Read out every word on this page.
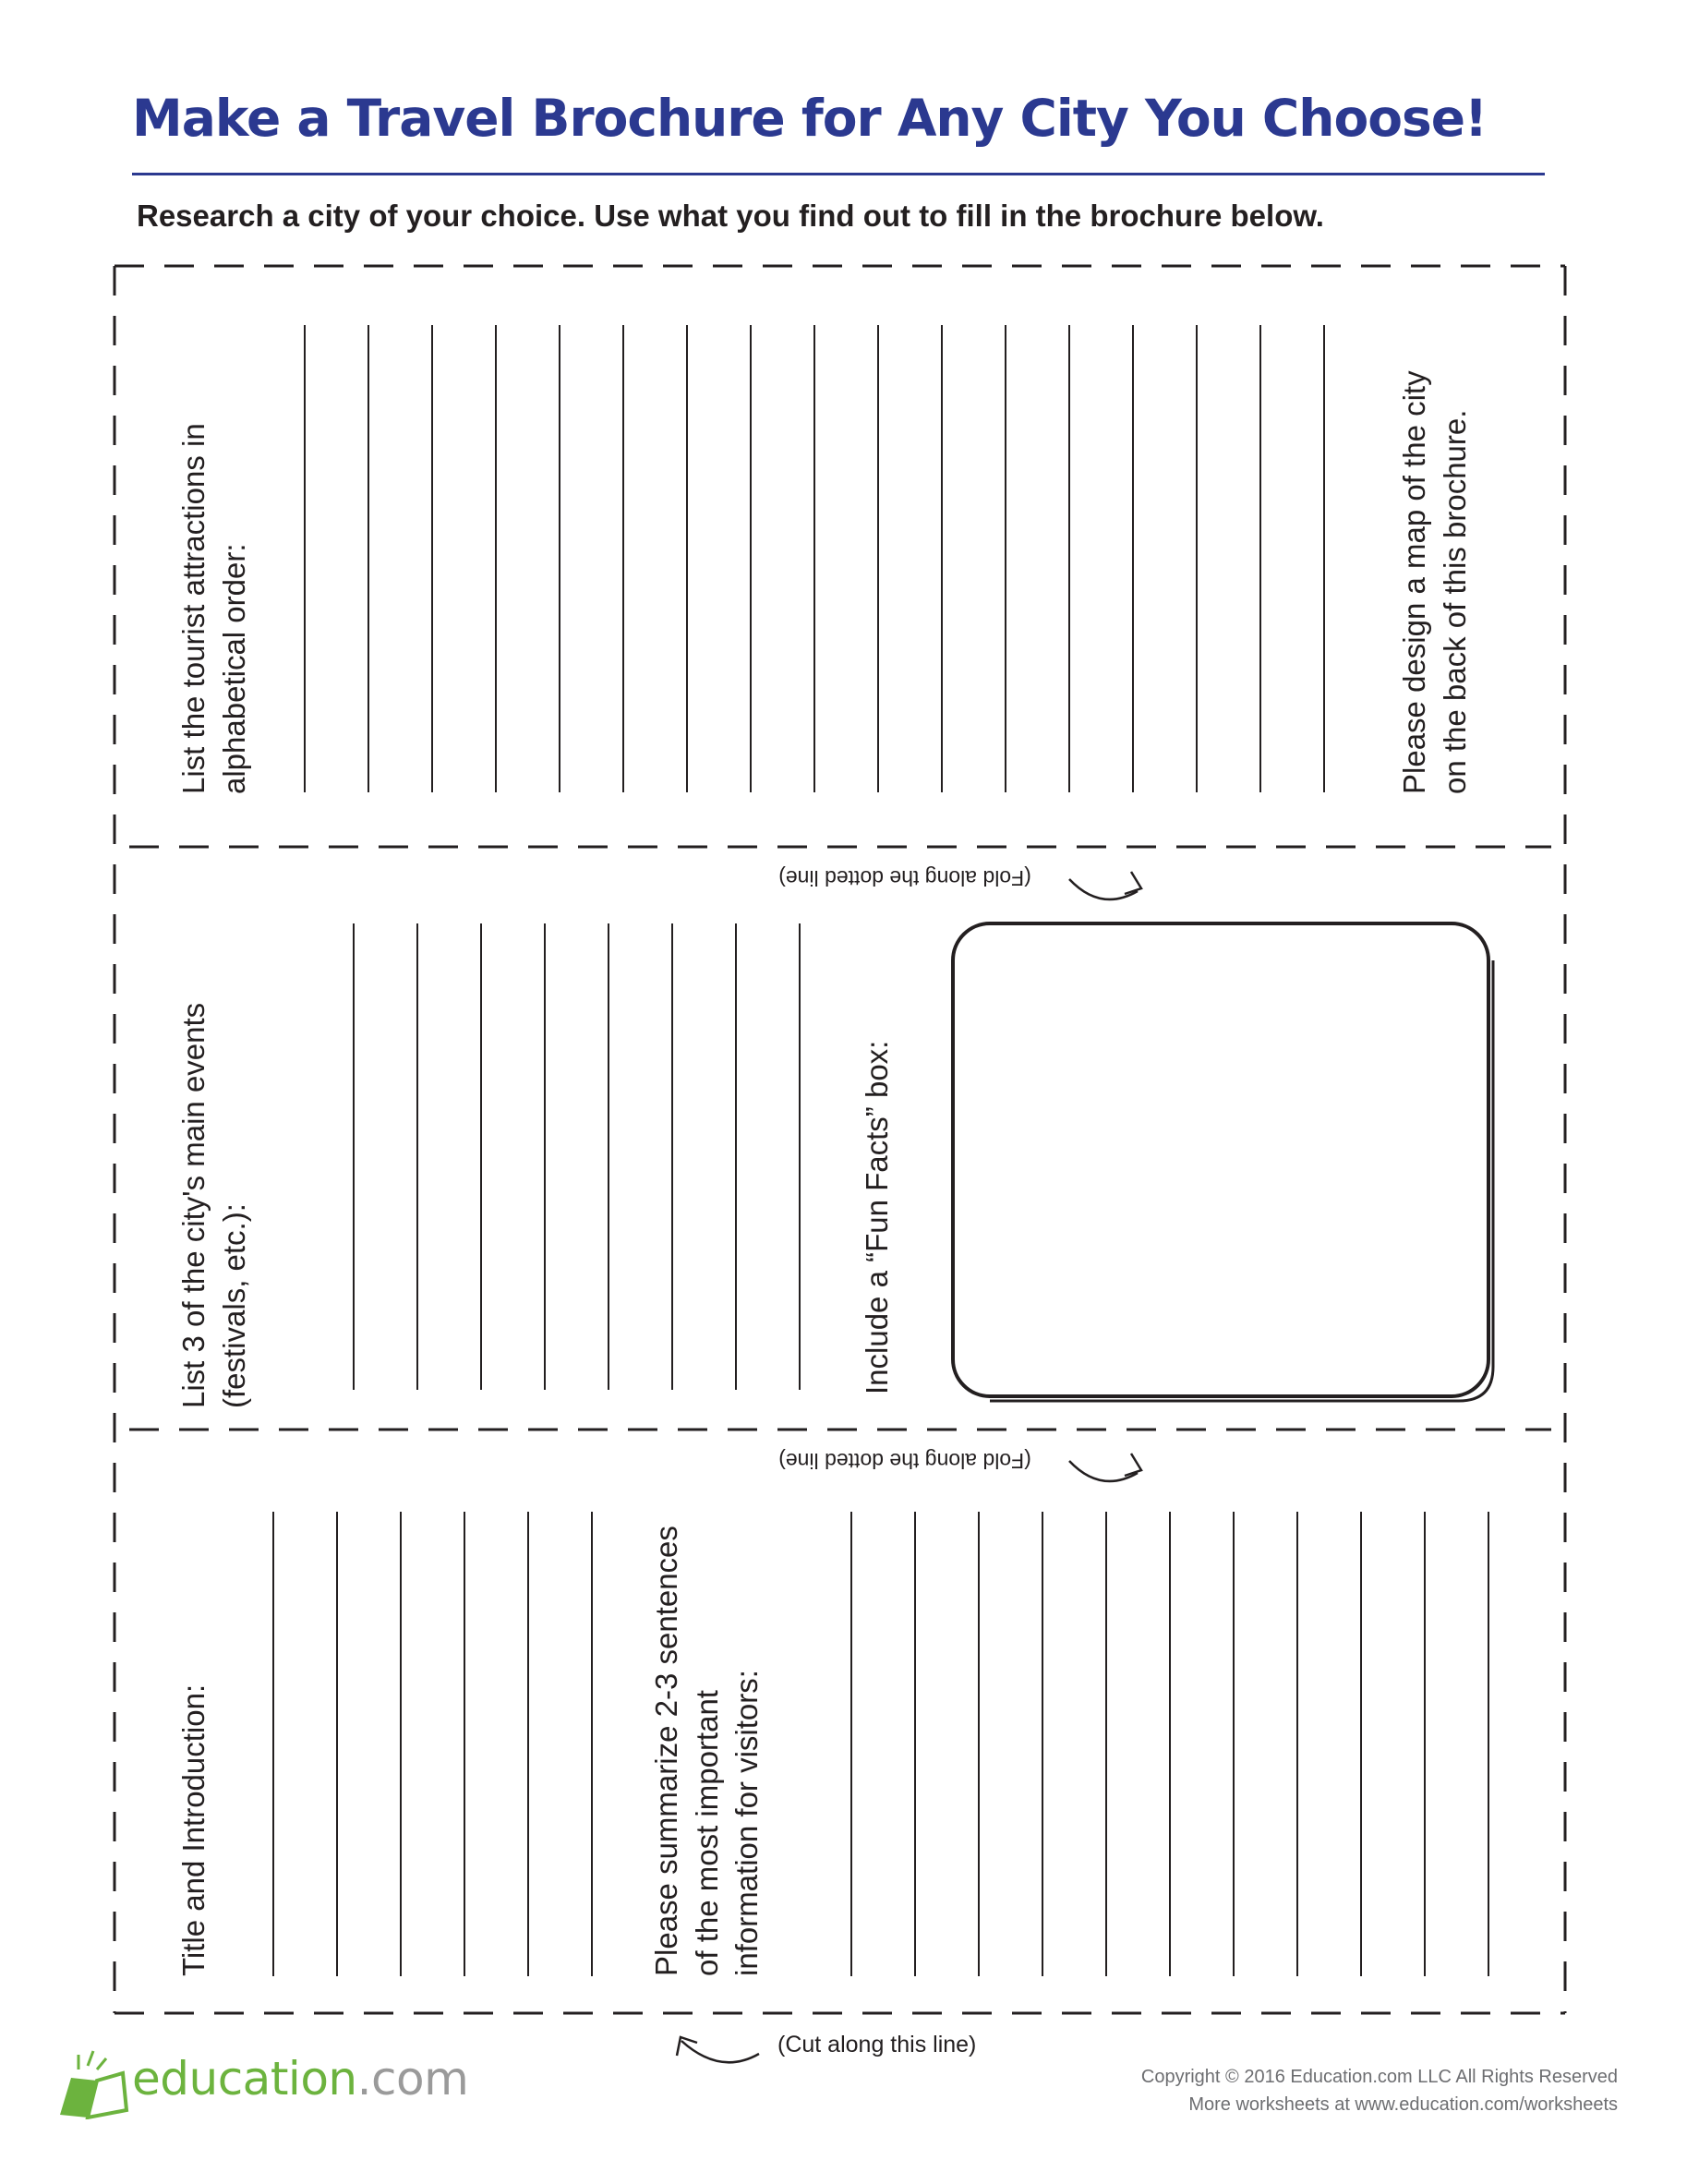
Make a Travel Brochure for Any City You Choose!

Research a city of your choice. Use what you find out to fill in the brochure below.

List the tourist attractions in alphabetical order:	Please design a map of the city on the back of this brochure.
(Fold along the dotted line)
List 3 of the city's main events (festivals, etc.):	Include a “Fun Facts” box:
(Fold along the dotted line)
Title and Introduction:	Please summarize 2-3 sentences of the most important information for visitors:
(Cut along this line)
education.com	Copyright © 2016 Education.com LLC All Rights Reserved
More worksheets at www.education.com/worksheets
